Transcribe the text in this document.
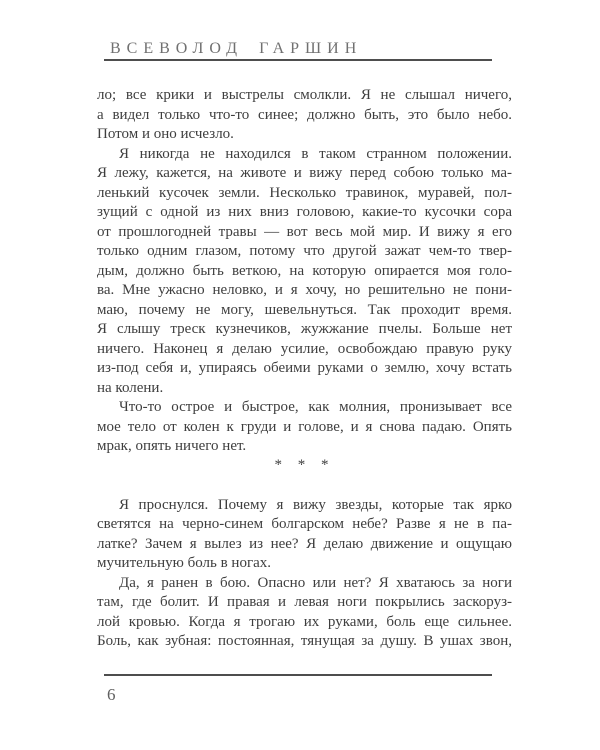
ВСЕВОЛОД ГАРШИН
ло; все крики и выстрелы смолкли. Я не слышал ничего,
а видел только что-то синее; должно быть, это было небо.
Потом и оно исчезло.
Я никогда не находился в таком странном положении.
Я лежу, кажется, на животе и вижу перед собою только ма-
ленький кусочек земли. Несколько травинок, муравей, пол-
зущий с одной из них вниз головою, какие-то кусочки сора
от прошлогодней травы — вот весь мой мир. И вижу я его
только одним глазом, потому что другой зажат чем-то твер-
дым, должно быть веткою, на которую опирается моя голо-
ва. Мне ужасно неловко, и я хочу, но решительно не пони-
маю, почему не могу, шевельнуться. Так проходит время.
Я слышу треск кузнечиков, жужжание пчелы. Больше нет
ничего. Наконец я делаю усилие, освобождаю правую руку
из-под себя и, упираясь обеими руками о землю, хочу встать
на колени.
Что-то острое и быстрое, как молния, пронизывает все
мое тело от колен к груди и голове, и я снова падаю. Опять
мрак, опять ничего нет.
* * *
Я проснулся. Почему я вижу звезды, которые так ярко
светятся на черно-синем болгарском небе? Разве я не в па-
латке? Зачем я вылез из нее? Я делаю движение и ощущаю
мучительную боль в ногах.
Да, я ранен в бою. Опасно или нет? Я хватаюсь за ноги
там, где болит. И правая и левая ноги покрылись заскоруз-
лой кровью. Когда я трогаю их руками, боль еще сильнее.
Боль, как зубная: постоянная, тянущая за душу. В ушах звон,
6
